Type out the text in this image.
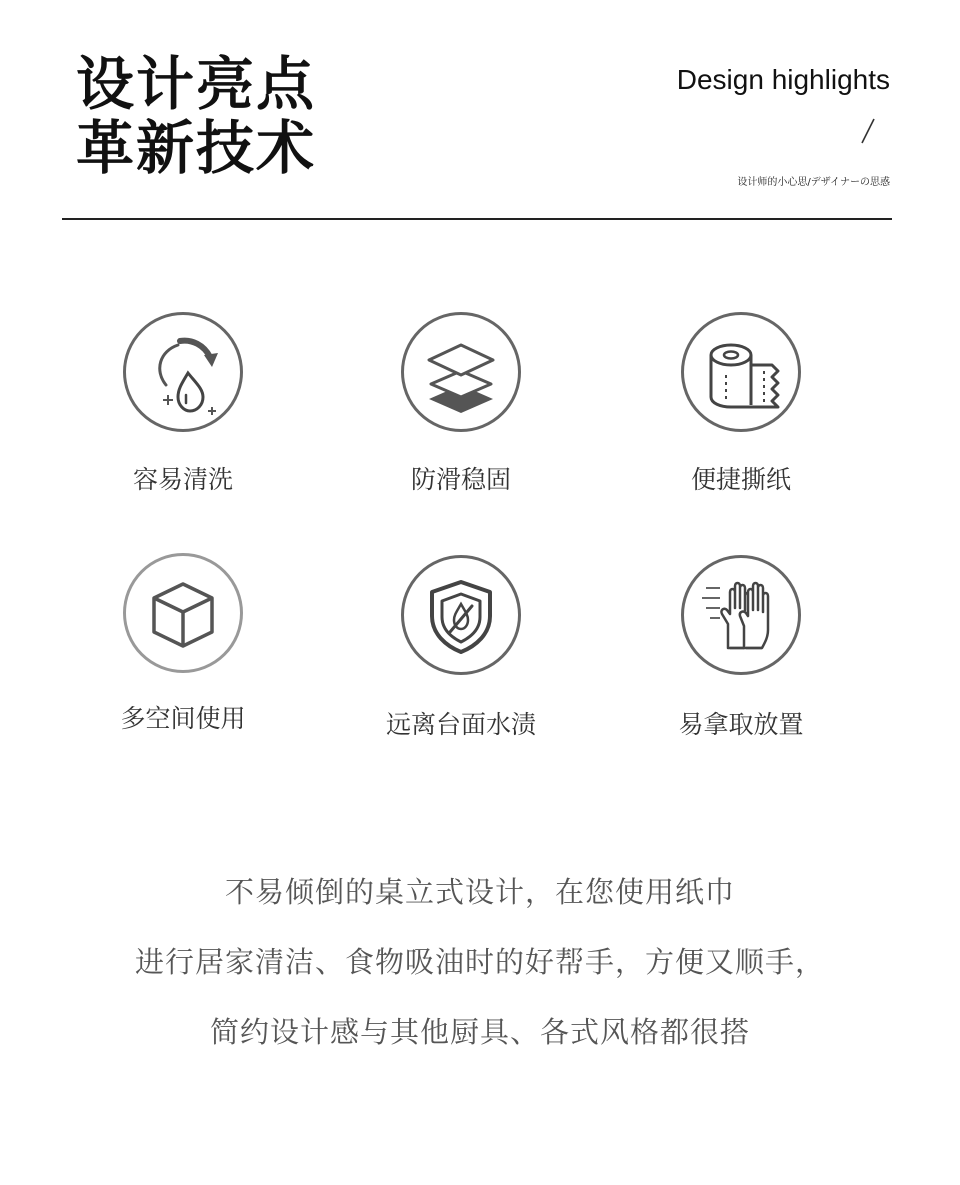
设计亮点
革新技术
Design highlights
设计师的小心思/デザイナーの思惑
容易清洗	防滑稳固	便捷撕纸
多空间使用	远离台面水渍	易拿取放置
不易倾倒的桌立式设计，在您使用纸巾
进行居家清洁、食物吸油时的好帮手，方便又顺手，
简约设计感与其他厨具、各式风格都很搭
